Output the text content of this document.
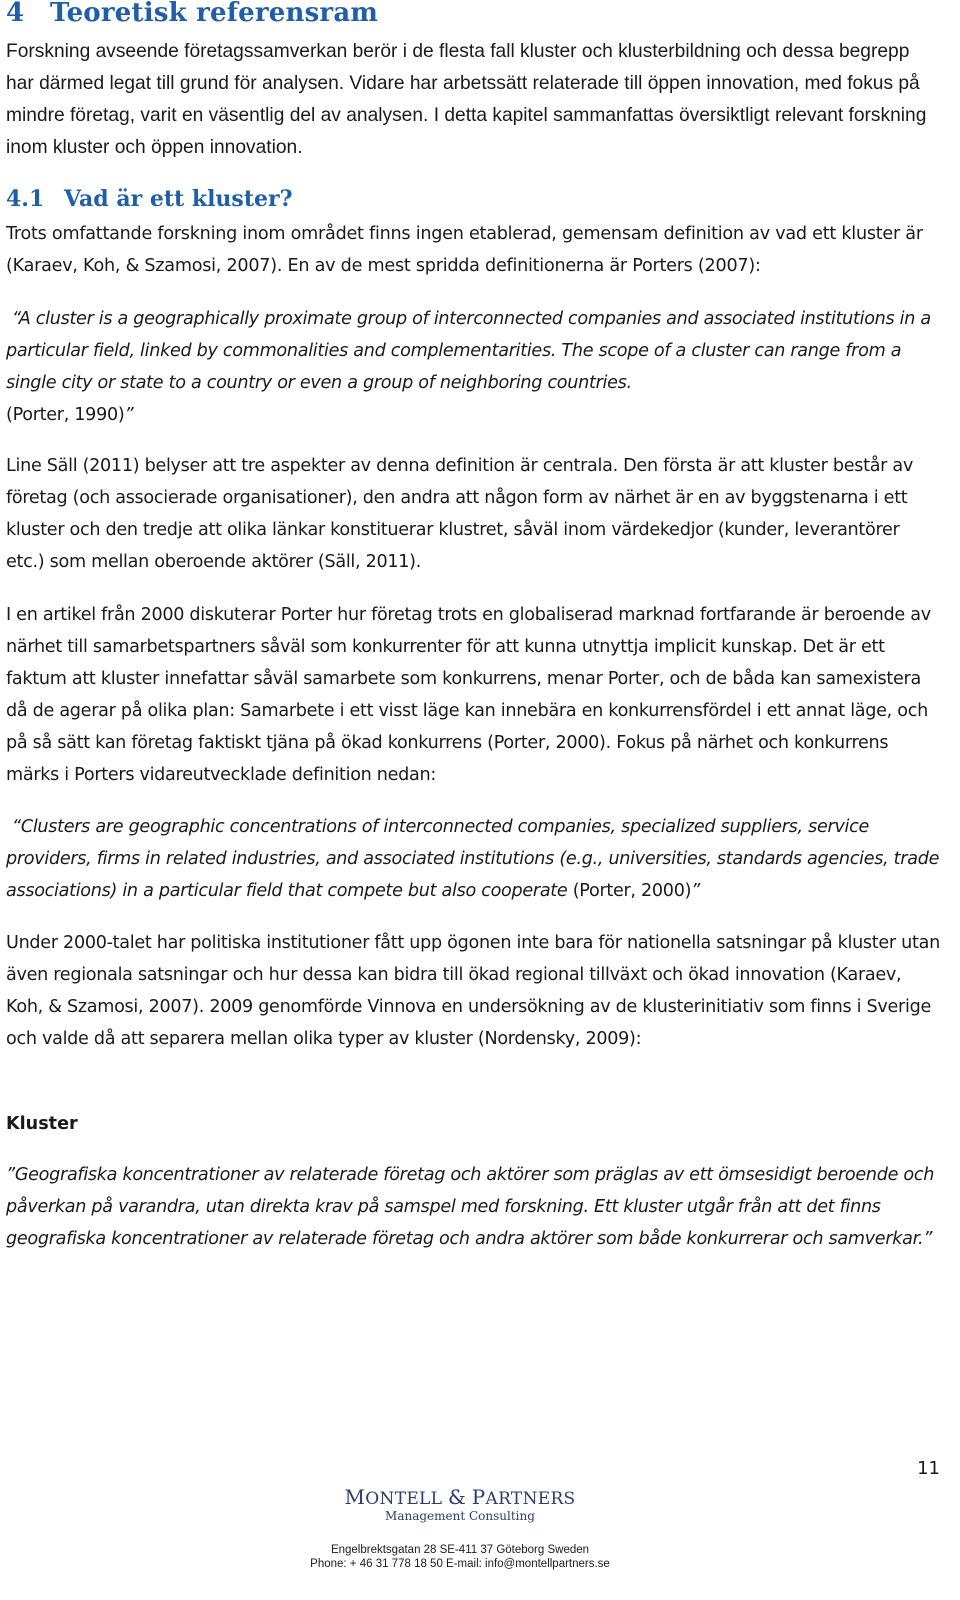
4 Teoretisk referensram

Forskning avseende företagssamverkan berör i de flesta fall kluster och klusterbildning och dessa begrepp har därmed legat till grund för analysen. Vidare har arbetssätt relaterade till öppen innovation, med fokus på mindre företag, varit en väsentlig del av analysen. I detta kapitel sammanfattas översiktligt relevant forskning inom kluster och öppen innovation.

4.1 Vad är ett kluster?

Trots omfattande forskning inom området finns ingen etablerad, gemensam definition av vad ett kluster är (Karaev, Koh, & Szamosi, 2007). En av de mest spridda definitionerna är Porters (2007):

“A cluster is a geographically proximate group of interconnected companies and associated institutions in a particular field, linked by commonalities and complementarities. The scope of a cluster can range from a single city or state to a country or even a group of neighboring countries.
(Porter, 1990)”

Line Säll (2011) belyser att tre aspekter av denna definition är centrala. Den första är att kluster består av företag (och associerade organisationer), den andra att någon form av närhet är en av byggstenarna i ett kluster och den tredje att olika länkar konstituerar klustret, såväl inom värdekedjor (kunder, leverantörer etc.) som mellan oberoende aktörer (Säll, 2011).

I en artikel från 2000 diskuterar Porter hur företag trots en globaliserad marknad fortfarande är beroende av närhet till samarbetspartners såväl som konkurrenter för att kunna utnyttja implicit kunskap. Det är ett faktum att kluster innefattar såväl samarbete som konkurrens, menar Porter, och de båda kan samexistera då de agerar på olika plan: Samarbete i ett visst läge kan innebära en konkurrensfördel i ett annat läge, och på så sätt kan företag faktiskt tjäna på ökad konkurrens (Porter, 2000). Fokus på närhet och konkurrens märks i Porters vidareutvecklade definition nedan:

“Clusters are geographic concentrations of interconnected companies, specialized suppliers, service providers, firms in related industries, and associated institutions (e.g., universities, standards agencies, trade associations) in a particular field that compete but also cooperate (Porter, 2000)”

Under 2000-talet har politiska institutioner fått upp ögonen inte bara för nationella satsningar på kluster utan även regionala satsningar och hur dessa kan bidra till ökad regional tillväxt och ökad innovation (Karaev, Koh, & Szamosi, 2007). 2009 genomförde Vinnova en undersökning av de klusterinitiativ som finns i Sverige och valde då att separera mellan olika typer av kluster (Nordensky, 2009):

Kluster

”Geografiska koncentrationer av relaterade företag och aktörer som präglas av ett ömsesidigt beroende och påverkan på varandra, utan direkta krav på samspel med forskning. Ett kluster utgår från att det finns geografiska koncentrationer av relaterade företag och andra aktörer som både konkurrerar och samverkar.”

11
MONTELL & PARTNERS
Management Consulting
Engelbrektsgatan 28 SE-411 37 Göteborg Sweden
Phone: + 46 31 778 18 50 E-mail: info@montellpartners.se
